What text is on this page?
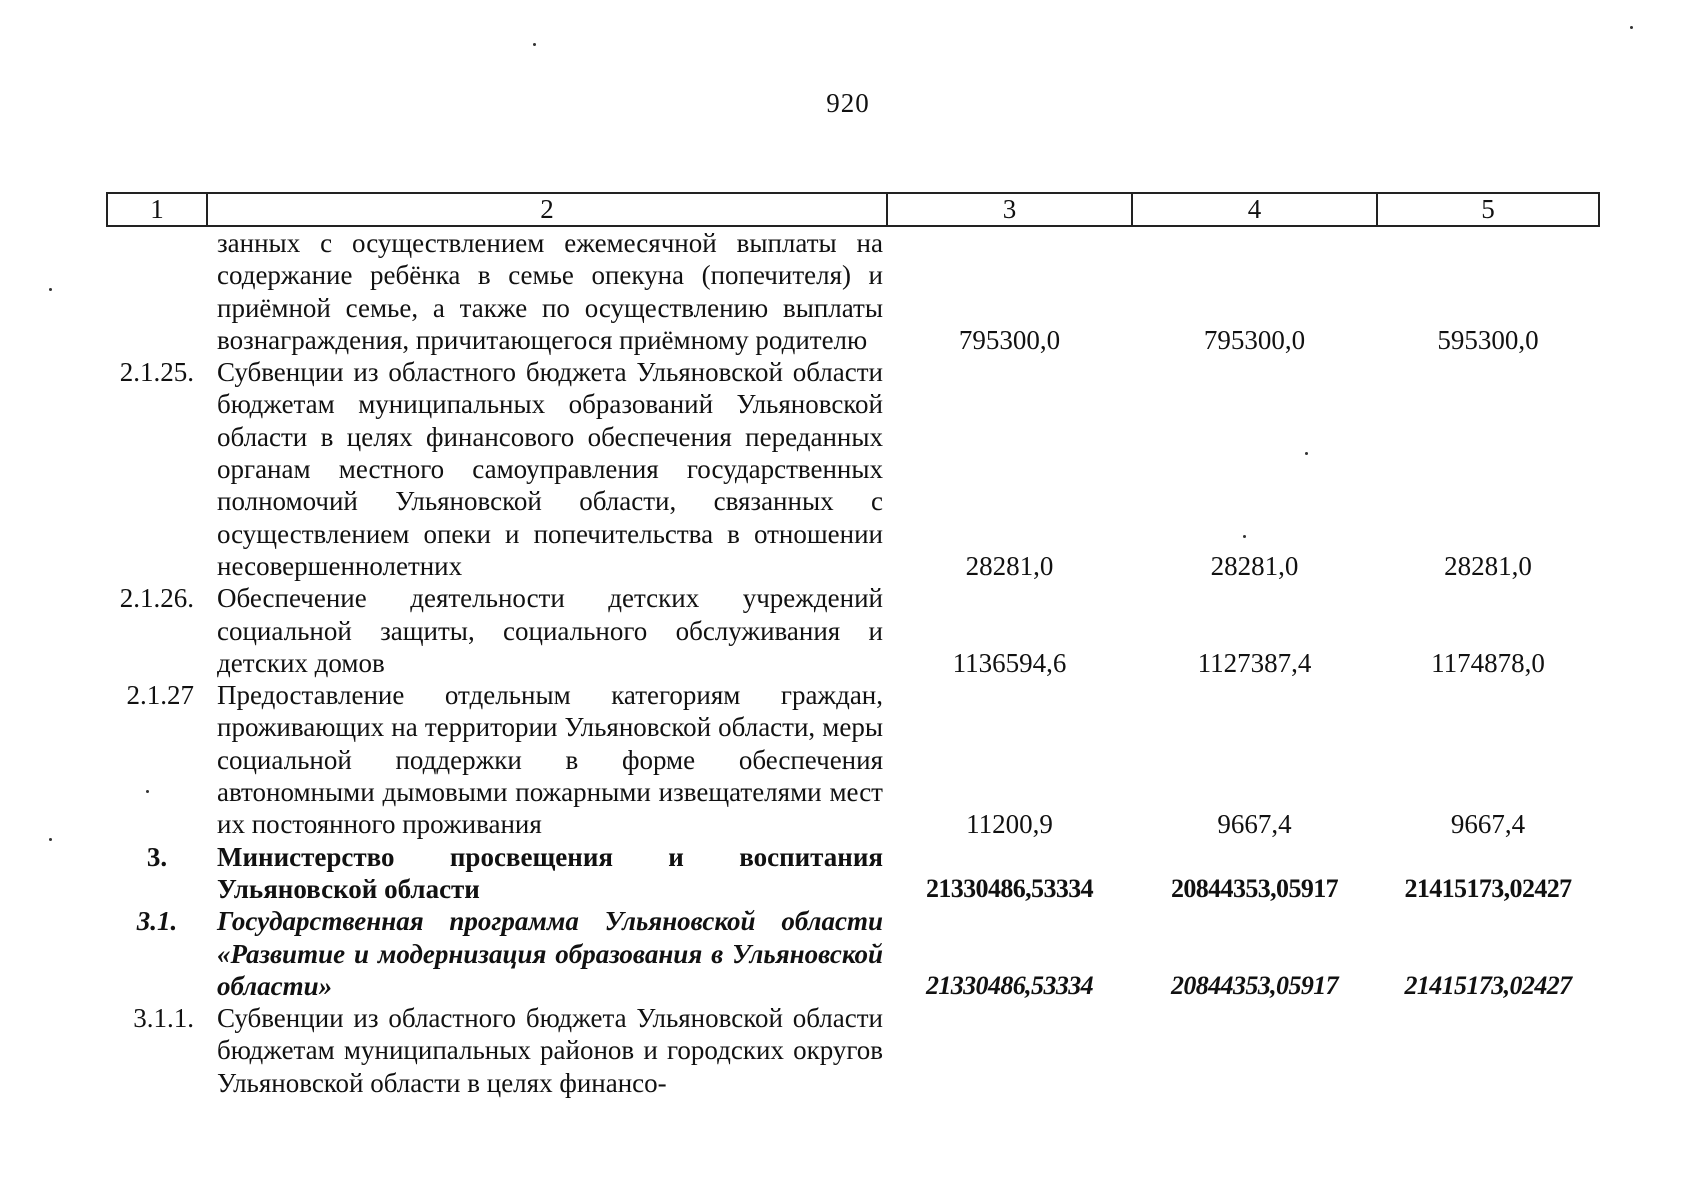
920
1	2	3	4	5
	занных с осуществлением ежемесячной выплаты на содержание ребёнка в семье опекуна (попечителя) и приёмной семье, а также по осуществлению выплаты вознаграждения, причитающегося приёмному родителю	795300,0	795300,0	595300,0
2.1.25.	Субвенции из областного бюджета Ульяновской области бюджетам муниципальных образований Ульяновской области в целях финансового обеспечения переданных органам местного самоуправления государственных полномочий Ульяновской области, связанных с осуществлением опеки и попечительства в отношении несовершеннолетних	28281,0	28281,0	28281,0
2.1.26.	Обеспечение деятельности детских учреждений социальной защиты, социального обслуживания и детских домов	1136594,6	1127387,4	1174878,0
2.1.27	Предоставление отдельным категориям граждан, проживающих на территории Ульяновской области, меры социальной поддержки в форме обеспечения автономными дымовыми пожарными извещателями мест их постоянного проживания	11200,9	9667,4	9667,4
3.	Министерство просвещения и воспитания Ульяновской области	21330486,53334	20844353,05917	21415173,02427
3.1.	Государственная программа Ульяновской области «Развитие и модернизация образования в Ульяновской области»	21330486,53334	20844353,05917	21415173,02427
3.1.1.	Субвенции из областного бюджета Ульяновской области бюджетам муниципальных районов и городских округов Ульяновской области в целях финансо-			
